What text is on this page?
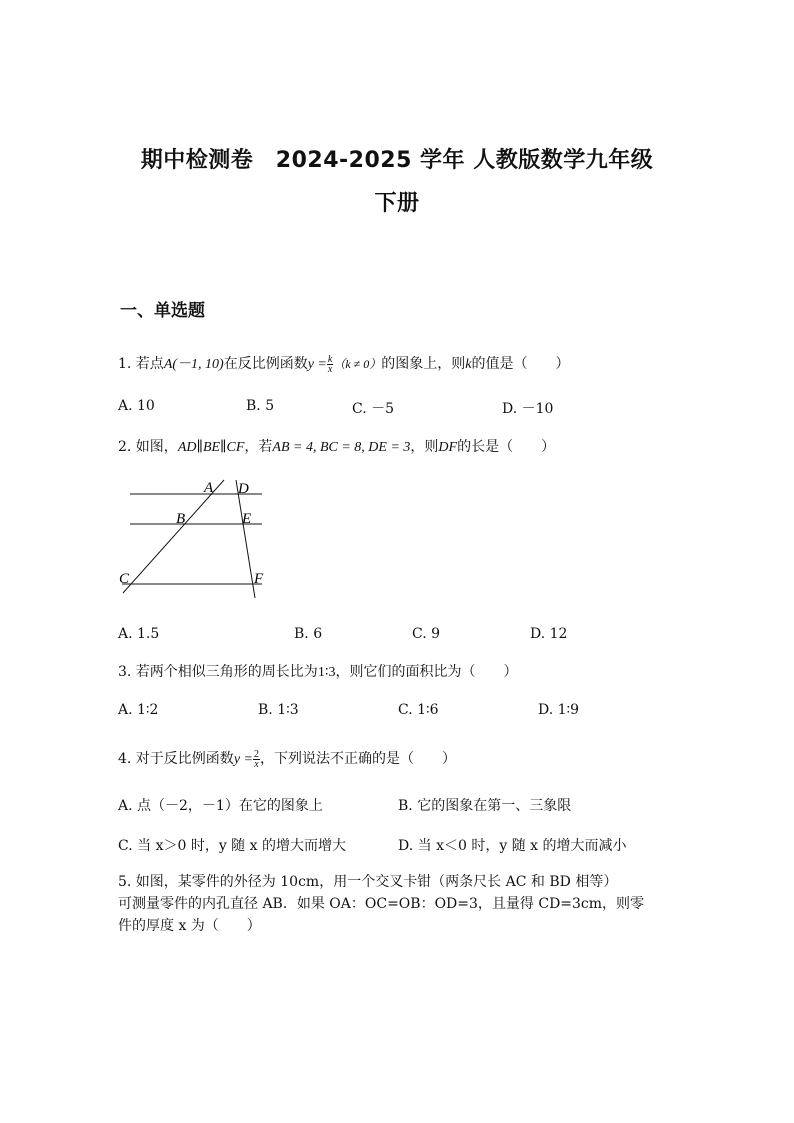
期中检测卷　2024-2025 学年 人教版数学九年级
下册
一、单选题
1. 若点A(－1, 10)在反比例函数$y = \frac{k}{x} (k \ne 0)$的图象上，则k的值是（　　）
A. 10	B. 5	C. －5	D. －10
2. 如图，AD∥BE∥CF，若AB = 4, BC = 8, DE = 3，则DF的长是（　　）
A D
B	E
C	F
A. 1.5	B. 6	C. 9	D. 12
3. 若两个相似三角形的周长比为1∶3，则它们的面积比为（　　）
A. 1∶2	B. 1∶3	C. 1∶6	D. 1∶9
4. 对于反比例函数$y = \frac{2}{x}$ ，下列说法不正确的是（　　）
A. 点（－2，－1）在它的图象上	B. 它的图象在第一、三象限
C. 当 x＞0 时，y 随 x 的增大而增大	D. 当 x＜0 时，y 随 x 的增大而减小
5. 如图，某零件的外径为 10cm，用一个交叉卡钳（两条尺长 AC 和 BD 相等）
可测量零件的内孔直径 AB．如果 OA：OC=OB：OD=3，且量得 CD=3cm，则零
件的厚度 x 为（　　）
